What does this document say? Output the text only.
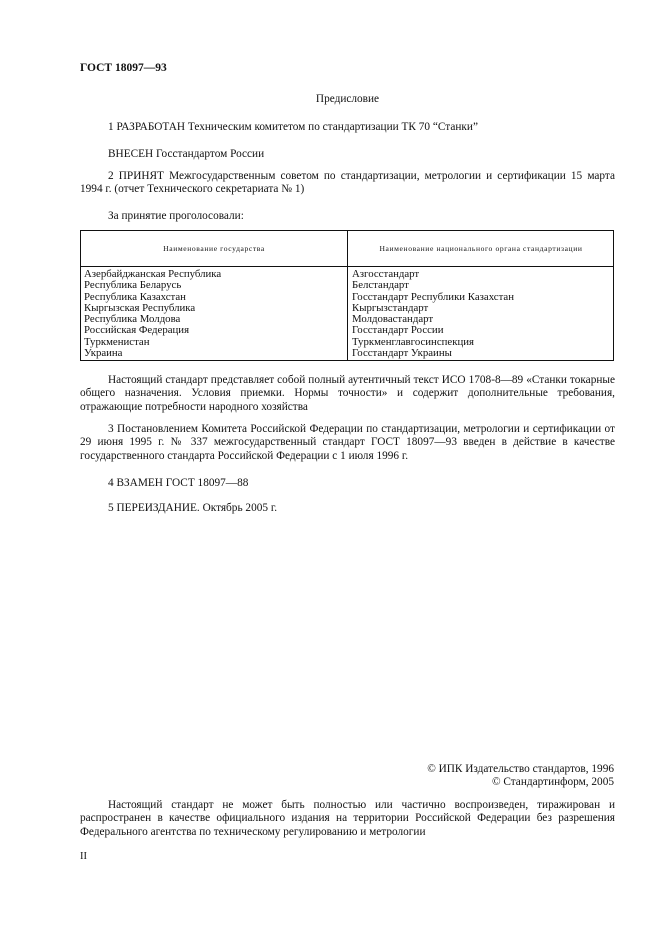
ГОСТ 18097—93
Предисловие
1 РАЗРАБОТАН Техническим комитетом по стандартизации ТК 70 “Станки”
ВНЕСЕН Госстандартом России
2 ПРИНЯТ Межгосударственным советом по стандартизации, метрологии и сертификации 15 марта 1994 г. (отчет Технического секретариата № 1)
За принятие проголосовали:
Наименование государства	Наименование национального органа стандартизации
Азербайджанская Республика
Республика Беларусь
Республика Казахстан
Кыргызская Республика
Республика Молдова
Российская Федерация
Туркменистан
Украина
Азгосстандарт
Белстандарт
Госстандарт Республики Казахстан
Кыргызстандарт
Молдовастандарт
Госстандарт России
Туркменглавгосинспекция
Госстандарт Украины
Настоящий стандарт представляет собой полный аутентичный текст ИСО 1708-8—89 «Станки токарные общего назначения. Условия приемки. Нормы точности» и содержит дополнительные требования, отражающие потребности народного хозяйства
3 Постановлением Комитета Российской Федерации по стандартизации, метрологии и сертификации от 29 июня 1995 г. № 337 межгосударственный стандарт ГОСТ 18097—93 введен в действие в качестве государственного стандарта Российской Федерации с 1 июля 1996 г.
4 ВЗАМЕН ГОСТ 18097—88
5 ПЕРЕИЗДАНИЕ. Октябрь 2005 г.
© ИПК Издательство стандартов, 1996
© Стандартинформ, 2005
Настоящий стандарт не может быть полностью или частично воспроизведен, тиражирован и распространен в качестве официального издания на территории Российской Федерации без разрешения Федерального агентства по техническому регулированию и метрологии
II
